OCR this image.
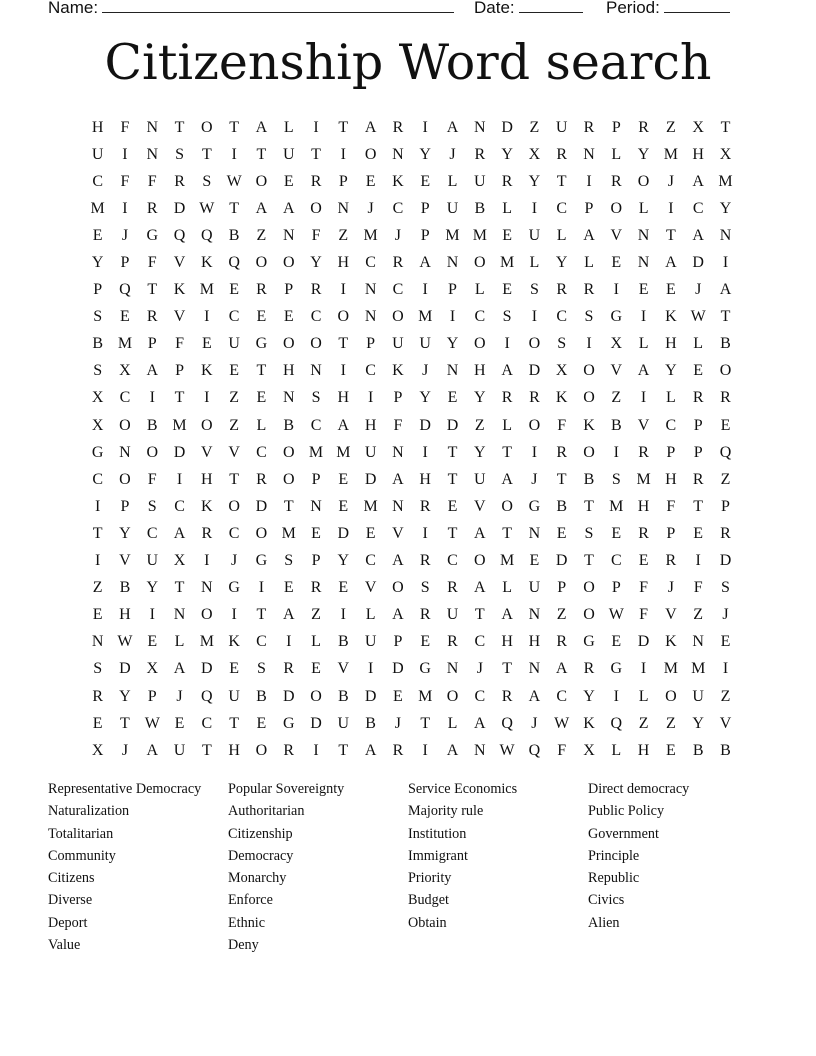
Name:	Date:	Period:
Citizenship Word search
H	F	N	T	O	T	A	L	I	T	A	R	I	A N D	Z	U	R	P	R	Z	X	T
U	I	N	S	T	I	T	U	T	I	O N Y	J	R	Y X	R	N	L	Y M H X
C	F	F	R	S W O	E	R	P	E	K	E	L	U	R	Y	T	I	R	O	J	A M
M	I	R	D W T	A A O N	J	C	P	U	B	L	I	C	P	O	L	I	C	Y
E	J	G Q Q	B	Z	N	F	Z M	J	P M M E	U	L	A V N	T	A N
Y	P	F	V K Q O O Y H	C	R	A N O M L	Y	L	E	N A D	I
P	Q	T	K M E	R	P	R	I	N	C	I	P	L	E	S	R	R	I	E	E	J	A
S	E	R	V	I	C	E	E	C	O N O M	I	C	S	I	C	S	G	I	K W T
B M P	F	E	U G O O	T	P	U U Y O	I	O	S	I	X	L	H	L	B
S	X A	P	K	E	T	H N	I	C	K	J	N H A D X O V A Y	E	O
X	C	I	T	I	Z	E	N	S	H	I	P	Y	E	Y	R	R	K O	Z	I	L	R	R
X O	B M O	Z	L	B	C	A H	F	D D	Z	L	O	F	K	B	V	C	P	E
G N O D V V	C	O M M U N	I	T	Y	T	I	R	O	I	R	P	P	Q
C	O	F	I	H	T	R	O	P	E	D A H	T	U A	J	T	B	S M H	R	Z
I	P	S	C	K O D	T	N	E M N	R	E	V O G	B	T M H	F	T	P
T	Y	C	A	R	C	O M E	D	E	V	I	T	A	T	N	E	S	E	R	P	E	R
I	V U X	I	J	G	S	P	Y	C	A	R	C	O M E	D	T	C	E	R	I	D
Z	B	Y	T	N G	I	E	R	E	V O	S	R	A	L	U	P	O	P	F	J	F	S
E	H	I	N O	I	T	A	Z	I	L	A	R	U	T	A N	Z	O W F	V	Z	J
N W E	L M K	C	I	L	B	U	P	E	R	C	H H	R	G	E	D K N	E
S	D X A D	E	S	R	E	V	I	D G N	J	T	N A	R	G	I	M M	I
R	Y	P	J	Q U	B	D O	B	D	E M O	C	R	A	C	Y	I	L	O U	Z
E	T W E	C	T	E	G D U	B	J	T	L	A Q	J	W K Q	Z	Z	Y V
X	J	A U	T	H O	R	I	T	A	R	I	A N W Q	F	X	L	H	E	B	B
Representative Democracy
Naturalization
Totalitarian
Community
Citizens
Diverse
Deport
Value
Popular Sovereignty
Authoritarian
Citizenship
Democracy
Monarchy
Enforce
Ethnic
Deny
Service Economics
Majority rule
Institution
Immigrant
Priority
Budget
Obtain
Direct democracy
Public Policy
Government
Principle
Republic
Civics
Alien
